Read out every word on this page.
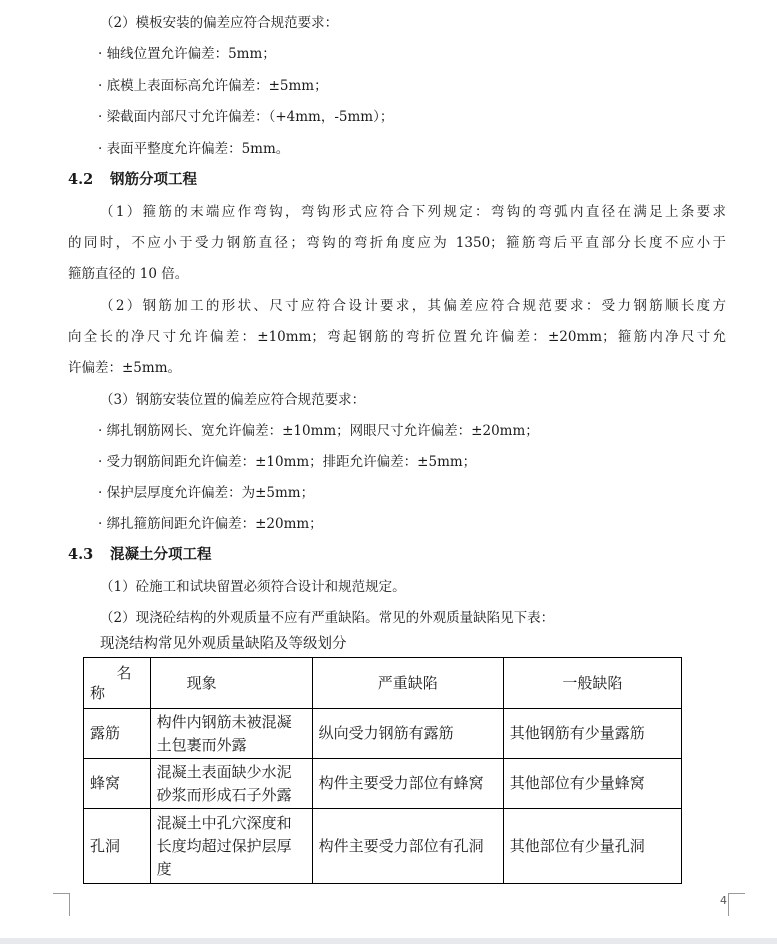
（2）模板安装的偏差应符合规范要求：
· 轴线位置允许偏差：5mm；
· 底模上表面标高允许偏差：±5mm；
· 梁截面内部尺寸允许偏差：（+4mm，-5mm）；
· 表面平整度允许偏差：5mm。
4.2 钢筋分项工程
（1）箍筋的末端应作弯钩，弯钩形式应符合下列规定：弯钩的弯弧内直径在满足上条要求
的同时，不应小于受力钢筋直径；弯钩的弯折角度应为 1350；箍筋弯后平直部分长度不应小于
箍筋直径的 10 倍。
（2）钢筋加工的形状、尺寸应符合设计要求，其偏差应符合规范要求：受力钢筋顺长度方
向全长的净尺寸允许偏差：±10mm；弯起钢筋的弯折位置允许偏差：±20mm；箍筋内净尺寸允
许偏差：±5mm。
（3）钢筋安装位置的偏差应符合规范要求：
· 绑扎钢筋网长、宽允许偏差：±10mm；网眼尺寸允许偏差：±20mm；
· 受力钢筋间距允许偏差：±10mm；排距允许偏差：±5mm；
· 保护层厚度允许偏差：为±5mm；
· 绑扎箍筋间距允许偏差：±20mm；
4.3 混凝土分项工程
（1）砼施工和试块留置必须符合设计和规范规定。
（2）现浇砼结构的外观质量不应有严重缺陷。常见的外观质量缺陷见下表：
现浇结构常见外观质量缺陷及等级划分
名
称	现象	严重缺陷	一般缺陷
露筋	构件内钢筋未被混凝土包裹而外露	纵向受力钢筋有露筋	其他钢筋有少量露筋
蜂窝	混凝土表面缺少水泥砂浆而形成石子外露	构件主要受力部位有蜂窝	其他部位有少量蜂窝
孔洞	混凝土中孔穴深度和长度均超过保护层厚度	构件主要受力部位有孔洞	其他部位有少量孔洞
4
